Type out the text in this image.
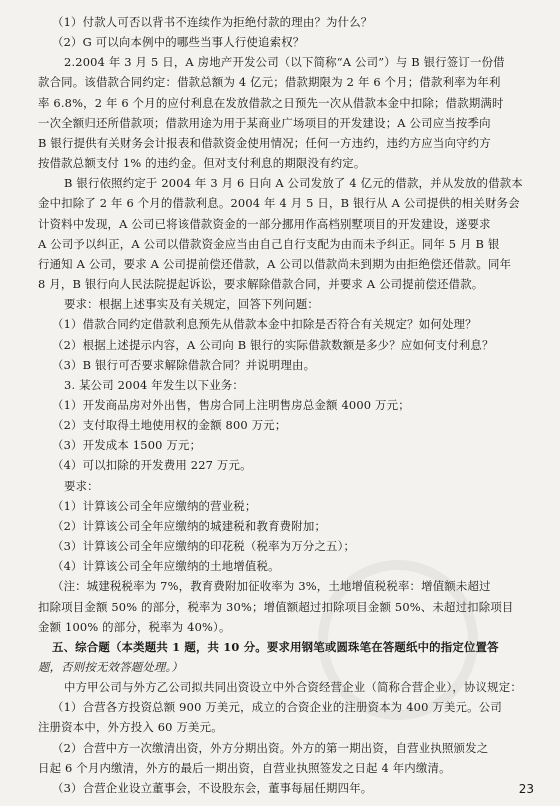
（1）付款人可否以背书不连续作为拒绝付款的理由？为什么？
（2）G 可以向本例中的哪些当事人行使追索权？
2.2004 年 3 月 5 日，A 房地产开发公司（以下简称“A 公司”）与 B 银行签订一份借
款合同。该借款合同约定：借款总额为 4 亿元；借款期限为 2 年 6 个月；借款利率为年利
率 6.8%，2 年 6 个月的应付利息在发放借款之日预先一次从借款本金中扣除；借款期满时
一次全额归还所借款项；借款用途为用于某商业广场项目的开发建设；A 公司应当按季向
B 银行提供有关财务会计报表和借款资金使用情况；任何一方违约，违约方应当向守约方
按借款总额支付 1% 的违约金。但对支付利息的期限没有约定。
B 银行依照约定于 2004 年 3 月 6 日向 A 公司发放了 4 亿元的借款，并从发放的借款本
金中扣除了 2 年 6 个月的借款利息。2004 年 4 月 5 日，B 银行从 A 公司提供的相关财务会
计资料中发现，A 公司已将该借款资金的一部分挪用作高档别墅项目的开发建设，遂要求
A 公司予以纠正，A 公司以借款资金应当由自己自行支配为由而未予纠正。同年 5 月 B 银
行通知 A 公司，要求 A 公司提前偿还借款，A 公司以借款尚未到期为由拒绝偿还借款。同年
8 月，B 银行向人民法院提起诉讼，要求解除借款合同，并要求 A 公司提前偿还借款。
要求：根据上述事实及有关规定，回答下列问题：
（1）借款合同约定借款利息预先从借款本金中扣除是否符合有关规定？如何处理？
（2）根据上述提示内容，A 公司向 B 银行的实际借款数额是多少？应如何支付利息？
（3）B 银行可否要求解除借款合同？并说明理由。
3. 某公司 2004 年发生以下业务：
（1）开发商品房对外出售，售房合同上注明售房总金额 4000 万元；
（2）支付取得土地使用权的金额 800 万元；
（3）开发成本 1500 万元；
（4）可以扣除的开发费用 227 万元。
要求：
（1）计算该公司全年应缴纳的营业税；
（2）计算该公司全年应缴纳的城建税和教育费附加；
（3）计算该公司全年应缴纳的印花税（税率为万分之五）；
（4）计算该公司全年应缴纳的土地增值税。
（注：城建税税率为 7%，教育费附加征收率为 3%，土地增值税税率：增值额未超过
扣除项目金额 50% 的部分，税率为 30%；增值额超过扣除项目金额 50%、未超过扣除项目
金额 100% 的部分，税率为 40%）。
五、综合题（本类题共 1 题，共 10 分。要求用钢笔或圆珠笔在答题纸中的指定位置答
题，否则按无效答题处理。）
中方甲公司与外方乙公司拟共同出资设立中外合资经营企业（简称合营企业），协议规定：
（1）合营各方投资总额 900 万美元，成立的合资企业的注册资本为 400 万美元。公司
注册资本中，外方投入 60 万美元。
（2）合营中方一次缴清出资，外方分期出资。外方的第一期出资，自营业执照颁发之
日起 6 个月内缴清，外方的最后一期出资，自营业执照签发之日起 4 年内缴清。
（3）合营企业设立董事会，不设股东会，董事每届任期四年。	23
